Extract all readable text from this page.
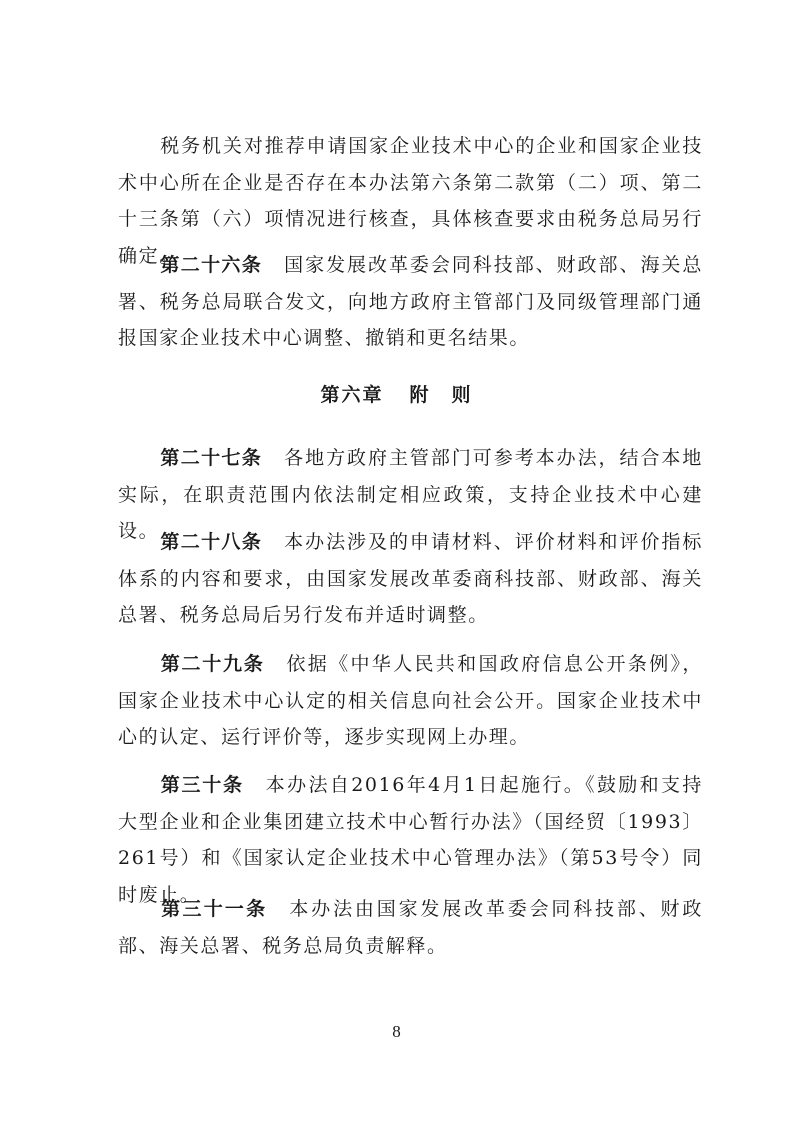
税务机关对推荐申请国家企业技术中心的企业和国家企业技术中心所在企业是否存在本办法第六条第二款第（二）项、第二十三条第（六）项情况进行核查，具体核查要求由税务总局另行确定。

第二十六条 国家发展改革委会同科技部、财政部、海关总署、税务总局联合发文，向地方政府主管部门及同级管理部门通报国家企业技术中心调整、撤销和更名结果。

第六章 附　则

第二十七条 各地方政府主管部门可参考本办法，结合本地实际，在职责范围内依法制定相应政策，支持企业技术中心建设。 第二十八条 本办法涉及的申请材料、评价材料和评价指标体系的内容和要求，由国家发展改革委商科技部、财政部、海关总署、税务总局后另行发布并适时调整。

第二十九条 依据《中华人民共和国政府信息公开条例》，国家企业技术中心认定的相关信息向社会公开。国家企业技术中心的认定、运行评价等，逐步实现网上办理。

第三十条 本办法自2016年4月1日起施行。《鼓励和支持大型企业和企业集团建立技术中心暂行办法》（国经贸〔1993〕261号）和《国家认定企业技术中心管理办法》（第53号令）同时废止。

第三十一条 本办法由国家发展改革委会同科技部、财政部、海关总署、税务总局负责解释。

8
